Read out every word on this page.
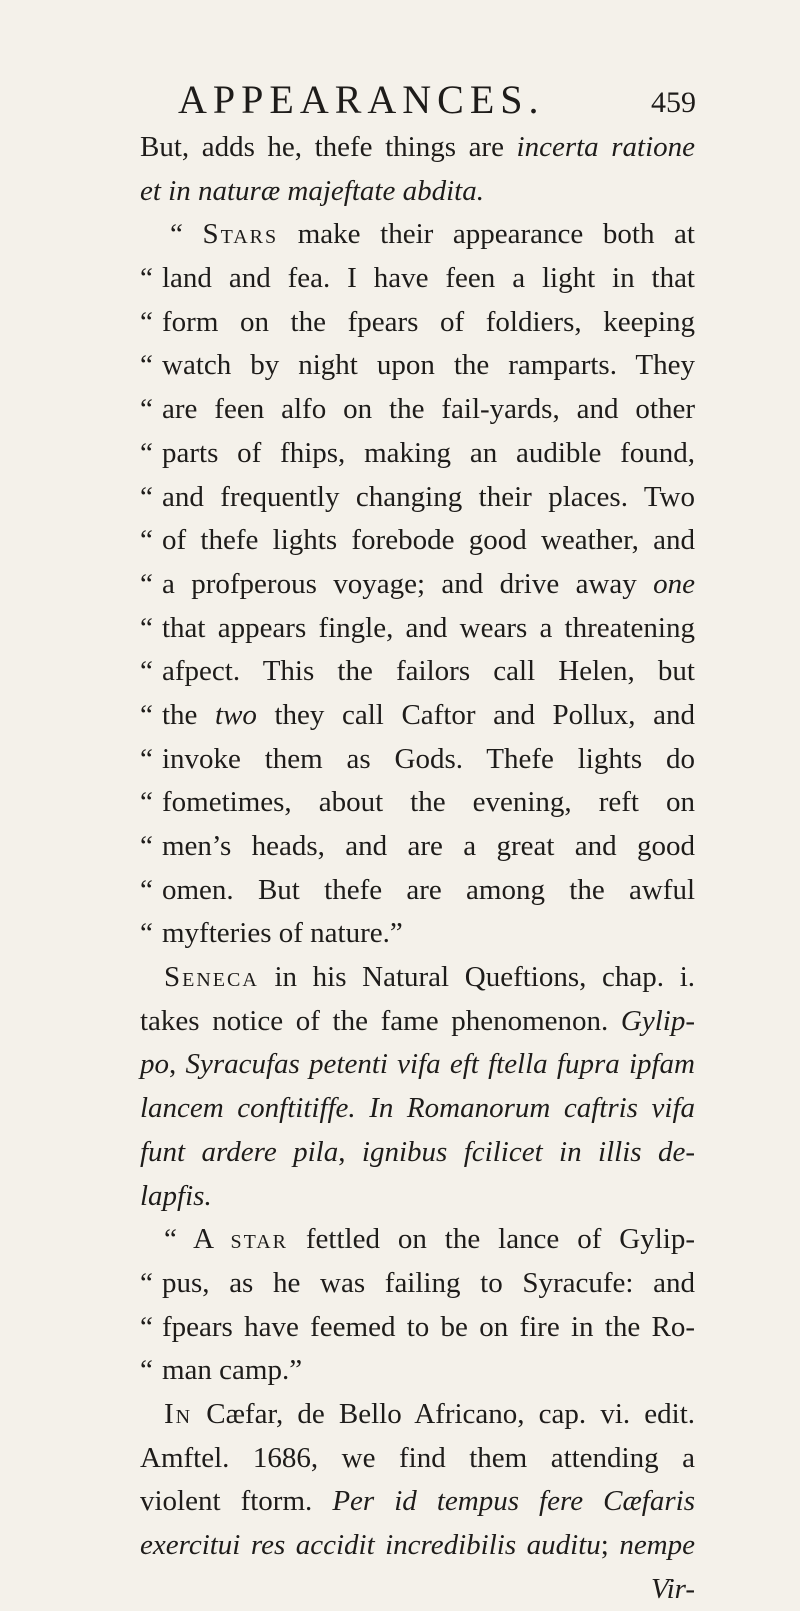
APPEARANCES.	459
But, adds he, thefe things are incerta ratione
et in naturæ majeftate abdita.
“ Stars make their appearance both at
“ land and fea. I have feen a light in that
“ form on the fpears of foldiers, keeping
“ watch by night upon the ramparts. They
“ are feen alfo on the fail-yards, and other
“ parts of fhips, making an audible found,
“ and frequently changing their places. Two
“ of thefe lights forebode good weather, and
“ a profperous voyage; and drive away one
“ that appears fingle, and wears a threatening
“ afpect. This the failors call Helen, but
“ the two they call Caftor and Pollux, and
“ invoke them as Gods. Thefe lights do
“ fometimes, about the evening, reft on
“ men’s heads, and are a great and good
“ omen. But thefe are among the awful
“ myfteries of nature.”
Seneca in his Natural Queftions, chap. i.
takes notice of the fame phenomenon. Gylip-
po, Syracufas petenti vifa eft ftella fupra ipfam
lancem conftitiffe. In Romanorum caftris vifa
funt ardere pila, ignibus fcilicet in illis de-
lapfis.
“ A star fettled on the lance of Gylip-
“ pus, as he was failing to Syracufe: and
“ fpears have feemed to be on fire in the Ro-
“ man camp.”
In Cæfar, de Bello Africano, cap. vi. edit.
Amftel. 1686, we find them attending a
violent ftorm. Per id tempus fere Cæfaris
exercitui res accidit incredibilis auditu; nempe
Vir-
